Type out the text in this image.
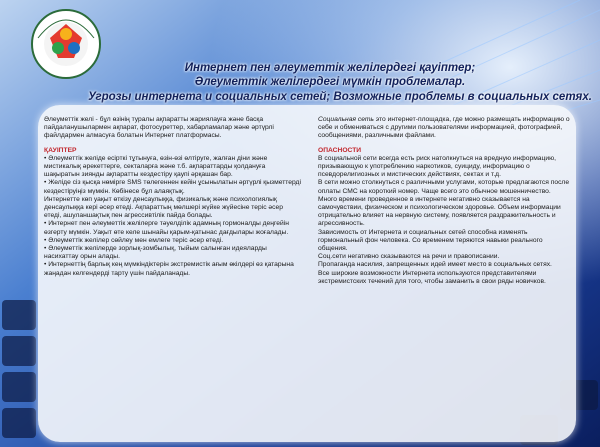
Интернет пен әлеуметтік желілердегі қауіптер;
Әлеуметтік желілердегі мүмкін проблемалар.
Угрозы интернета и социальных сетей; Возможные проблемы в социальных сетях.

Әлеуметтік желі - бұл өзінің туралы ақпаратты жариялауға және басқа пайдаланушылармен ақпарат, фотосуреттер, хабарламалар және әртүрлі файлдармен алмасуға болатын Интернет платформасы.

ҚАУІПТЕР

• Әлеуметтік желіде есірткі тұтынуға, өзін-өзі өлтіруге, жалған діни және мистикалық әрекеттерге, секталарға және т.б. ақпараттарды қолдануға шақыратын зиянды ақпаратты кездестіру қаупі әрқашан бар.

• Желіде сіз қысқа нөмірге SMS төлегеннен кейін ұсынылатын әртүрлі қызметтерді кездестіруіңіз мүмкін. Көбінесе бұл алаяқтық.

Интернетте көп уақыт өткізу денсаулыққа, физикалық және психологиялық денсаулыққа кері әсер етеді. Ақпараттың мөлшері жүйке жүйесіне теріс әсер етеді, ашуланшақтық пен агрессивтілік пайда болады.

• Интернет пен әлеуметтік желілерге тәуелділік адамның гормоналды деңгейін өзгерту мүмкін. Уақыт өте келе шынайы қарым-қатынас дағдылары жоғалады.

• Әлеуметтік желілер сөйлеу мен емлеге теріс әсер етеді.

• Әлеуметтік желілерде зорлық-зомбылық, тыйым салынған идеяларды насихаттау орын алады.

• Интернеттің барлық кең мүмкіндіктерін экстремистік ағым өкілдері өз қатарына жаңадан келгендерді тарту үшін пайдаланады.

Социальная сеть это интернет-площадка, где можно размещать информацию о себе и обмениваться с другими пользователями информацией, фотографией, сообщениями, различными файлами.

ОПАСНОСТИ

В социальной сети всегда есть риск натолкнуться на вредную информацию, призывающую к употреблению наркотиков, суициду, информацию о псевдорелигиозных и мистических действиях, сектах и т.д.

В сети можно столкнуться с различными услугами, которые предлагаются после оплаты СМС на короткий номер. Чаще всего это обычное мошенничество.

Много времени проведенное в интернете негативно сказывается на самочувствии, физическом и психологическом здоровье. Объем информации отрицательно влияет на нервную систему, появляется раздражительность и агрессивность.

Зависимость от Интернета и социальных сетей способна изменять гормональный фон человека. Со временем теряются навыки реального общения.

Соц.сети негативно сказываются на речи и правописании.

Пропаганда насилия, запрещенных идей имеет место в социальных сетях.

Все широкие возможности Интернета используются представителями экстремистских течений для того, чтобы заманить в свои ряды новичков.
